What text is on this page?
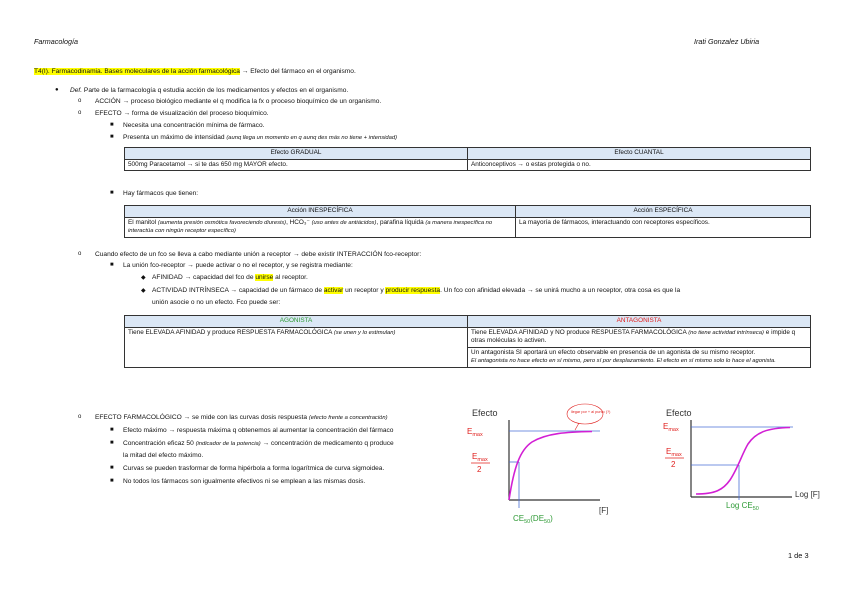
Farmacología	Irati Gonzalez Ubiria
T4(I). Farmacodinamia. Bases moleculares de la acción farmacológica → Efecto del fármaco en el organismo.
● Def. Parte de la farmacología q estudia acción de los medicamentos y efectos en el organismo.
o ACCIÓN → proceso biológico mediante el q modifica la fx o proceso bioquímico de un organismo.
o EFECTO → forma de visualización del proceso bioquímico.
■ Necesita una concentración mínima de fármaco.
■ Presenta un máximo de intensidad (aunq llega un momento en q aunq des más no tiene + intensidad)
Efecto GRADUAL	Efecto CUANTAL
500mg Paracetamol → si te das 650 mg MAYOR efecto.	Anticonceptivos → o estas protegida o no.
■ Hay fármacos que tienen:
Acción INESPECÍFICA	Acción ESPECÍFICA
El manitol (aumenta presión osmótica favoreciendo diuresis), HCO₃⁻ (uso antes de antiácidos), parafina líquida (a manera inespecífica no interactúa con ningún receptor específico)	La mayoría de fármacos, interactuando con receptores específicos.
o Cuando efecto de un fco se lleva a cabo mediante unión a receptor → debe existir INTERACCIÓN fco-receptor:
■ La unión fco-receptor → puede activar o no el receptor, y se registra mediante:
◆ AFINIDAD → capacidad del fco de unirse al receptor.
◆ ACTIVIDAD INTRÍNSECA → capacidad de un fármaco de activar un receptor y producir respuesta. Un fco con afinidad elevada → se unirá mucho a un receptor, otra cosa es que la
unión asocie o no un efecto. Fco puede ser:
AGONISTA	ANTAGONISTA
Tiene ELEVADA AFINIDAD y produce RESPUESTA FARMACOLÓGICA (se unen y lo estimulan)	Tiene ELEVADA AFINIDAD y NO produce RESPUESTA FARMACOLÓGICA (no tiene actividad intrínseca) e impide q otras moléculas lo activen.
	Un antagonista SI aportará un efecto observable en presencia de un agonista de su mismo receptor.
El antagonista no hace efecto en sí mismo, pero sí por desplazamiento. El efecto en sí mismo solo lo hace el agonista.
o EFECTO FARMACOLÓGICO → se mide con las curvas dosis respuesta (efecto frente a concentración)
■ Efecto máximo → respuesta máxima q obtenemos al aumentar la concentración del fármaco
■ Concentración eficaz 50 (indicador de la potencia) → concentración de medicamento q produce
la mitad del efecto máximo.
■ Curvas se pueden trasformar de forma hipérbola a forma logarítmica de curva sigmoidea.
■ No todos los fármacos son igualmente efectivos ni se emplean a las mismas dosis.
Efecto
$E_{max}$
$E_{max}$
2
[F]
$CE_{50}(DE_{50})$
llegar por + al punto (?)	Efecto
$E_{max}$
$E_{max}$
2
Log [F]
Log $CE_{50}$
1 de 3
